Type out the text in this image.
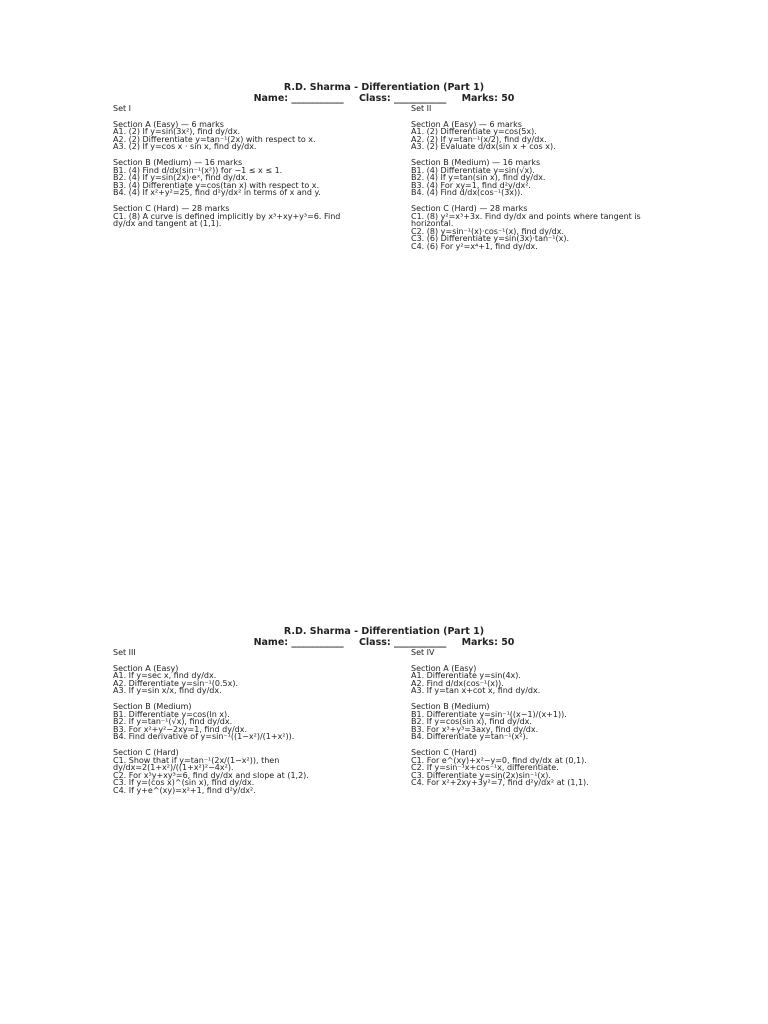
R.D. Sharma - Differentiation (Part 1)
Name: ___________ Class: ___________ Marks: 50
Set I
Section A (Easy) — 6 marks
A1. (2) If y=sin(3x²), find dy/dx.
A2. (2) Differentiate y=tan⁻¹(2x) with respect to x.
A3. (2) If y=cos x · sin x, find dy/dx.
Section B (Medium) — 16 marks
B1. (4) Find d/dx(sin⁻¹(x²)) for −1 ≤ x ≤ 1.
B2. (4) If y=sin(2x)·eˣ, find dy/dx.
B3. (4) Differentiate y=cos(tan x) with respect to x.
B4. (4) If x²+y²=25, find d²y/dx² in terms of x and y.
Section C (Hard) — 28 marks
C1. (8) A curve is defined implicitly by x³+xy+y³=6. Find dy/dx and tangent at (1,1).
Set II
Section A (Easy) — 6 marks
A1. (2) Differentiate y=cos(5x).
A2. (2) If y=tan⁻¹(x/2), find dy/dx.
A3. (2) Evaluate d/dx(sin x + cos x).
Section B (Medium) — 16 marks
B1. (4) Differentiate y=sin(√x).
B2. (4) If y=tan(sin x), find dy/dx.
B3. (4) For xy=1, find d²y/dx².
B4. (4) Find d/dx(cos⁻¹(3x)).
Section C (Hard) — 28 marks
C1. (8) y²=x³+3x. Find dy/dx and points where tangent is horizontal.
C2. (8) y=sin⁻¹(x)·cos⁻¹(x), find dy/dx.
C3. (6) Differentiate y=sin(3x)·tan⁻¹(x).
C4. (6) For y²=x⁴+1, find dy/dx.
R.D. Sharma - Differentiation (Part 1)
Name: ___________ Class: ___________ Marks: 50
Set III
Section A (Easy)
A1. If y=sec x, find dy/dx.
A2. Differentiate y=sin⁻¹(0.5x).
A3. If y=sin x/x, find dy/dx.
Section B (Medium)
B1. Differentiate y=cos(ln x).
B2. If y=tan⁻¹(√x), find dy/dx.
B3. For x²+y²−2xy=1, find dy/dx.
B4. Find derivative of y=sin⁻¹((1−x²)/(1+x²)).
Section C (Hard)
C1. Show that if y=tan⁻¹(2x/(1−x²)), then dy/dx=2(1+x²)/((1+x²)²−4x²).
C2. For x³y+xy³=6, find dy/dx and slope at (1,2).
C3. If y=(cos x)^(sin x), find dy/dx.
C4. If y+e^(xy)=x²+1, find d²y/dx².
Set IV
Section A (Easy)
A1. Differentiate y=sin(4x).
A2. Find d/dx(cos⁻¹(x)).
A3. If y=tan x+cot x, find dy/dx.
Section B (Medium)
B1. Differentiate y=sin⁻¹((x−1)/(x+1)).
B2. If y=cos(sin x), find dy/dx.
B3. For x³+y³=3axy, find dy/dx.
B4. Differentiate y=tan⁻¹(x²).
Section C (Hard)
C1. For e^(xy)+x²−y=0, find dy/dx at (0,1).
C2. If y=sin⁻¹x+cos⁻¹x, differentiate.
C3. Differentiate y=sin(2x)sin⁻¹(x).
C4. For x²+2xy+3y²=7, find d²y/dx² at (1,1).
